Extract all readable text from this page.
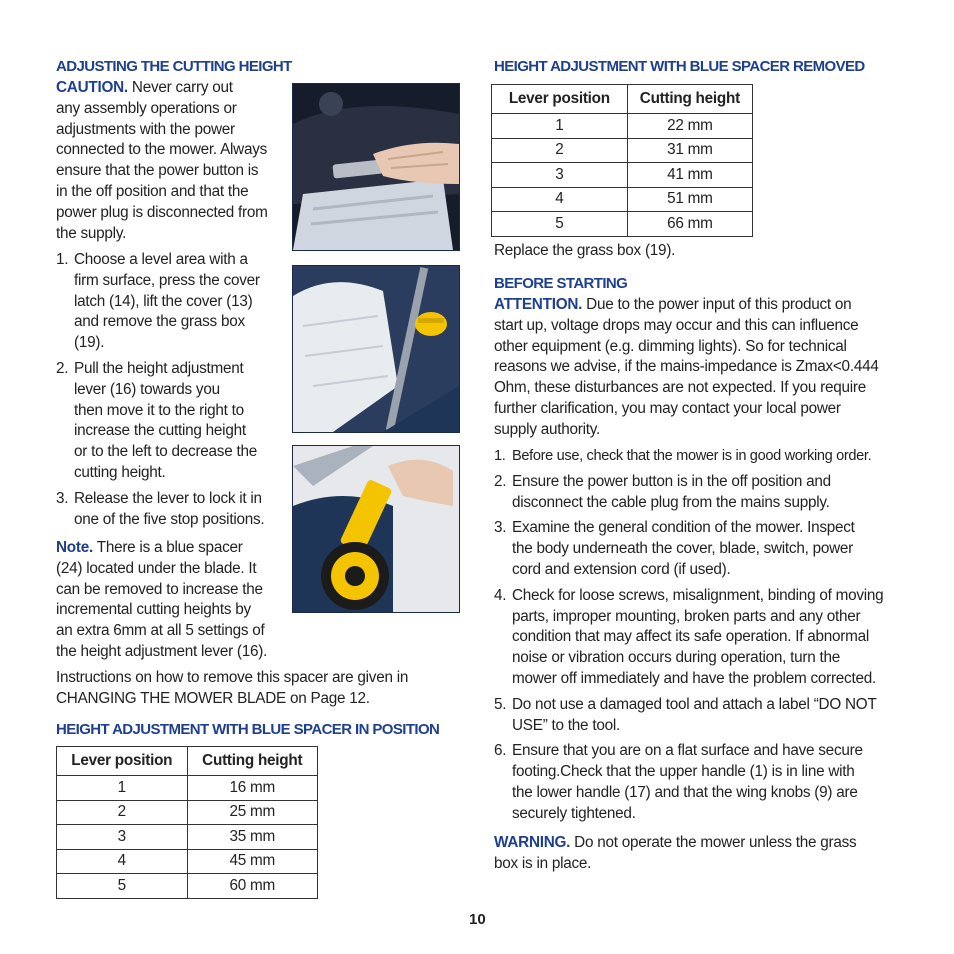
ADJUSTING THE CUTTING HEIGHT
CAUTION. Never carry out
any assembly operations or
adjustments with the power
connected to the mower. Always
ensure that the power button is
in the off position and that the
power plug is disconnected from
the supply.
1. Choose a level area with a
firm surface, press the cover
latch (14), lift the cover (13)
and remove the grass box
(19).
2. Pull the height adjustment
lever (16) towards you
then move it to the right to
increase the cutting height
or to the left to decrease the
cutting height.
3. Release the lever to lock it in
one of the five stop positions.
Note. There is a blue spacer
(24) located under the blade. It
can be removed to increase the
incremental cutting heights by
an extra 6mm at all 5 settings of
the height adjustment lever (16).
Instructions on how to remove this spacer are given in
CHANGING THE MOWER BLADE on Page 12.
HEIGHT ADJUSTMENT WITH BLUE SPACER IN POSITION
Lever position	Cutting height
1	16 mm
2	25 mm
3	35 mm
4	45 mm
5	60 mm
HEIGHT ADJUSTMENT WITH BLUE SPACER REMOVED
Lever position	Cutting height
1	22 mm
2	31 mm
3	41 mm
4	51 mm
5	66 mm
Replace the grass box (19).
BEFORE STARTING
ATTENTION. Due to the power input of this product on
start up, voltage drops may occur and this can influence
other equipment (e.g. dimming lights). So for technical
reasons we advise, if the mains-impedance is Zmax<0.444
Ohm, these disturbances are not expected. If you require
further clarification, you may contact your local power
supply authority.
1. Before use, check that the mower is in good working order.
2. Ensure the power button is in the off position and
disconnect the cable plug from the mains supply.
3. Examine the general condition of the mower. Inspect
the body underneath the cover, blade, switch, power
cord and extension cord (if used).
4. Check for loose screws, misalignment, binding of moving
parts, improper mounting, broken parts and any other
condition that may affect its safe operation. If abnormal
noise or vibration occurs during operation, turn the
mower off immediately and have the problem corrected.
5. Do not use a damaged tool and attach a label “DO NOT
USE” to the tool.
6. Ensure that you are on a flat surface and have secure
footing.Check that the upper handle (1) is in line with
the lower handle (17) and that the wing knobs (9) are
securely tightened.
WARNING. Do not operate the mower unless the grass
box is in place.
10
